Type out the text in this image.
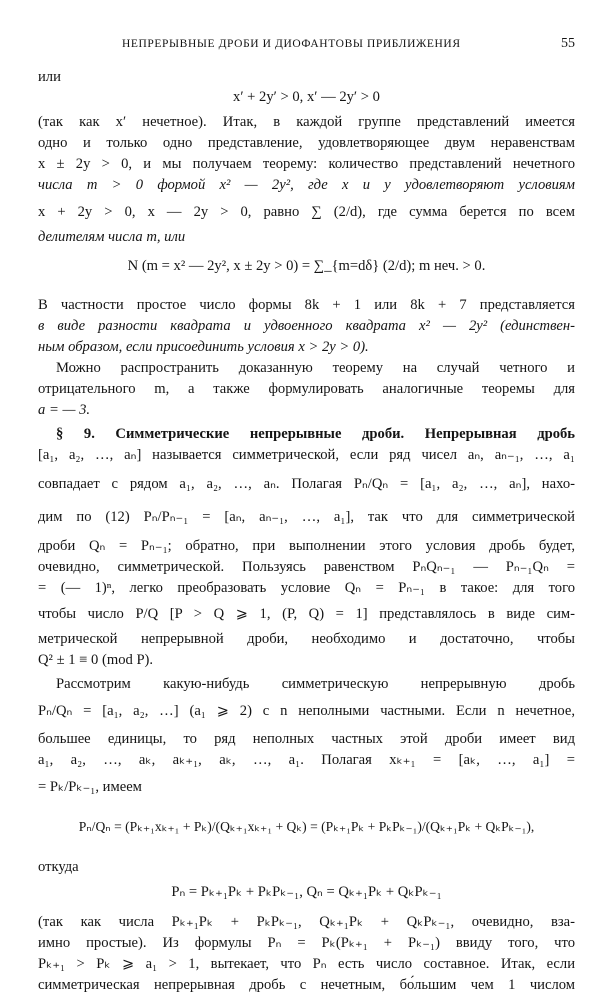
НЕПРЕРЫВНЫЕ ДРОБИ И ДИОФАНТОВЫ ПРИБЛИЖЕНИЯ	55
или
x′ + 2y′ > 0, x′ — 2y′ > 0
(так как x′ нечетное). Итак, в каждой группе представлений имеется
одно и только одно представление, удовлетворяющее двум неравенствам
x ± 2y > 0, и мы получаем теорему: количество представлений нечетного
числа m > 0 формой x² — 2y², где x и y удовлетворяют условиям
x + 2y > 0, x — 2y > 0, равно ∑ (2/d), где сумма берется по всем
делителям числа m, или
N (m = x² — 2y², x ± 2y > 0) = ∑_{m=dδ} (2/d); m неч. > 0.
В частности простое число формы 8k + 1 или 8k + 7 представляется
в виде разности квадрата и удвоенного квадрата x² — 2y² (единствен-
ным образом, если присоединить условия x > 2y > 0).
Можно распространить доказанную теорему на случай четного и
отрицательного m, а также формулировать аналогичные теоремы для
a = — 3.
§ 9. Симметрические непрерывные дроби. Непрерывная дробь
[a₁, a₂, …, aₙ] называется симметрической, если ряд чисел aₙ, aₙ₋₁, …, a₁
совпадает с рядом a₁, a₂, …, aₙ. Полагая Pₙ/Qₙ = [a₁, a₂, …, aₙ], нахо-
дим по (12) Pₙ/Pₙ₋₁ = [aₙ, aₙ₋₁, …, a₁], так что для симметрической
дроби Qₙ = Pₙ₋₁; обратно, при выполнении этого условия дробь будет,
очевидно, симметрической. Пользуясь равенством PₙQₙ₋₁ — Pₙ₋₁Qₙ =
= (— 1)ⁿ, легко преобразовать условие Qₙ = Pₙ₋₁ в такое: для того
чтобы число P/Q [P > Q ⩾ 1, (P, Q) = 1] представлялось в виде сим-
метрической непрерывной дроби, необходимо и достаточно, чтобы
Q² ± 1 ≡ 0 (mod P).
Рассмотрим какую-нибудь симметрическую непрерывную дробь
Pₙ/Qₙ = [a₁, a₂, …] (a₁ ⩾ 2) с n неполными частными. Если n нечетное,
большее единицы, то ряд неполных частных этой дроби имеет вид
a₁, a₂, …, aₖ, aₖ₊₁, aₖ, …, a₁. Полагая xₖ₊₁ = [aₖ, …, a₁] =
= Pₖ/Pₖ₋₁, имеем
Pₙ/Qₙ = (Pₖ₊₁xₖ₊₁ + Pₖ)/(Qₖ₊₁xₖ₊₁ + Qₖ) = (Pₖ₊₁Pₖ + PₖPₖ₋₁)/(Qₖ₊₁Pₖ + QₖPₖ₋₁),
откуда
Pₙ = Pₖ₊₁Pₖ + PₖPₖ₋₁, Qₙ = Qₖ₊₁Pₖ + QₖPₖ₋₁
(так как числа Pₖ₊₁Pₖ + PₖPₖ₋₁, Qₖ₊₁Pₖ + QₖPₖ₋₁, очевидно, вза-
имно простые). Из формулы Pₙ = Pₖ(Pₖ₊₁ + Pₖ₋₁) ввиду того, что
Pₖ₊₁ > Pₖ ⩾ a₁ > 1, вытекает, что Pₙ есть число составное. Итак, если
симметрическая непрерывная дробь с нечетным, бо́льшим чем 1 числом
